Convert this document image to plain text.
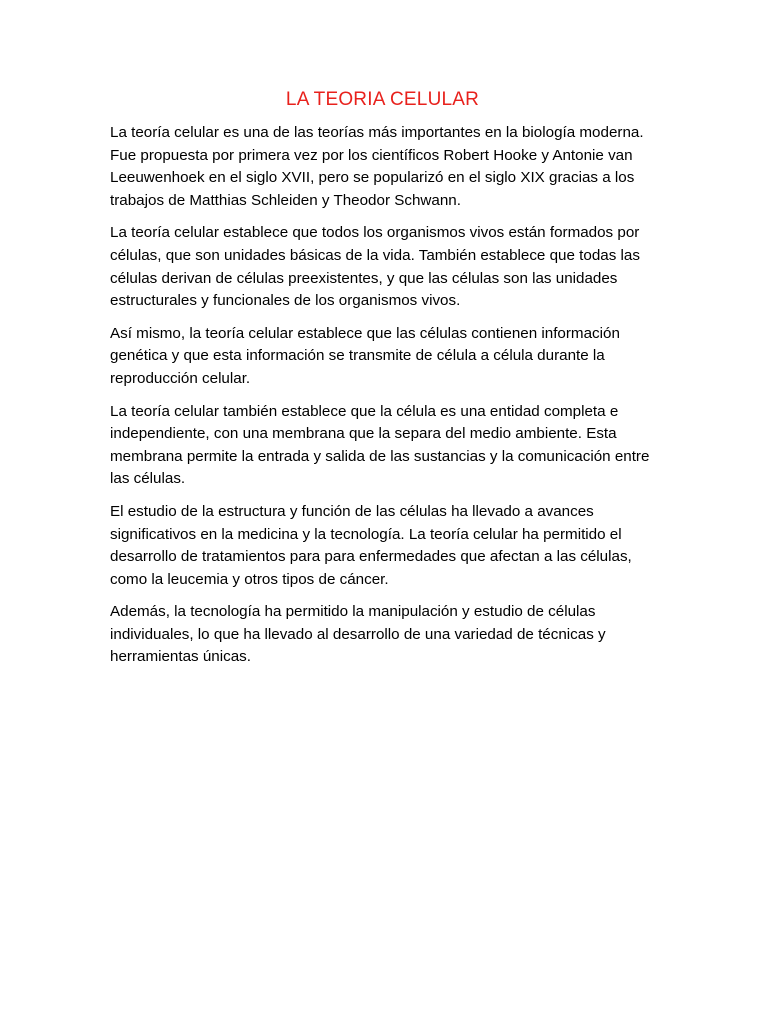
LA TEORIA CELULAR

La teoría celular es una de las teorías más importantes en la biología moderna. Fue propuesta por primera vez por los científicos Robert Hooke y Antonie van Leeuwenhoek en el siglo XVII, pero se popularizó en el siglo XIX gracias a los trabajos de Matthias Schleiden y Theodor Schwann.

La teoría celular establece que todos los organismos vivos están formados por células, que son unidades básicas de la vida. También establece que todas las células derivan de células preexistentes, y que las células son las unidades estructurales y funcionales de los organismos vivos.

Así mismo, la teoría celular establece que las células contienen información genética y que esta información se transmite de célula a célula durante la reproducción celular.

La teoría celular también establece que la célula es una entidad completa e independiente, con una membrana que la separa del medio ambiente. Esta membrana permite la entrada y salida de las sustancias y la comunicación entre las células.

El estudio de la estructura y función de las células ha llevado a avances significativos en la medicina y la tecnología. La teoría celular ha permitido el desarrollo de tratamientos para para enfermedades que afectan a las células, como la leucemia y otros tipos de cáncer.

Además, la tecnología ha permitido la manipulación y estudio de células individuales, lo que ha llevado al desarrollo de una variedad de técnicas y herramientas únicas.
